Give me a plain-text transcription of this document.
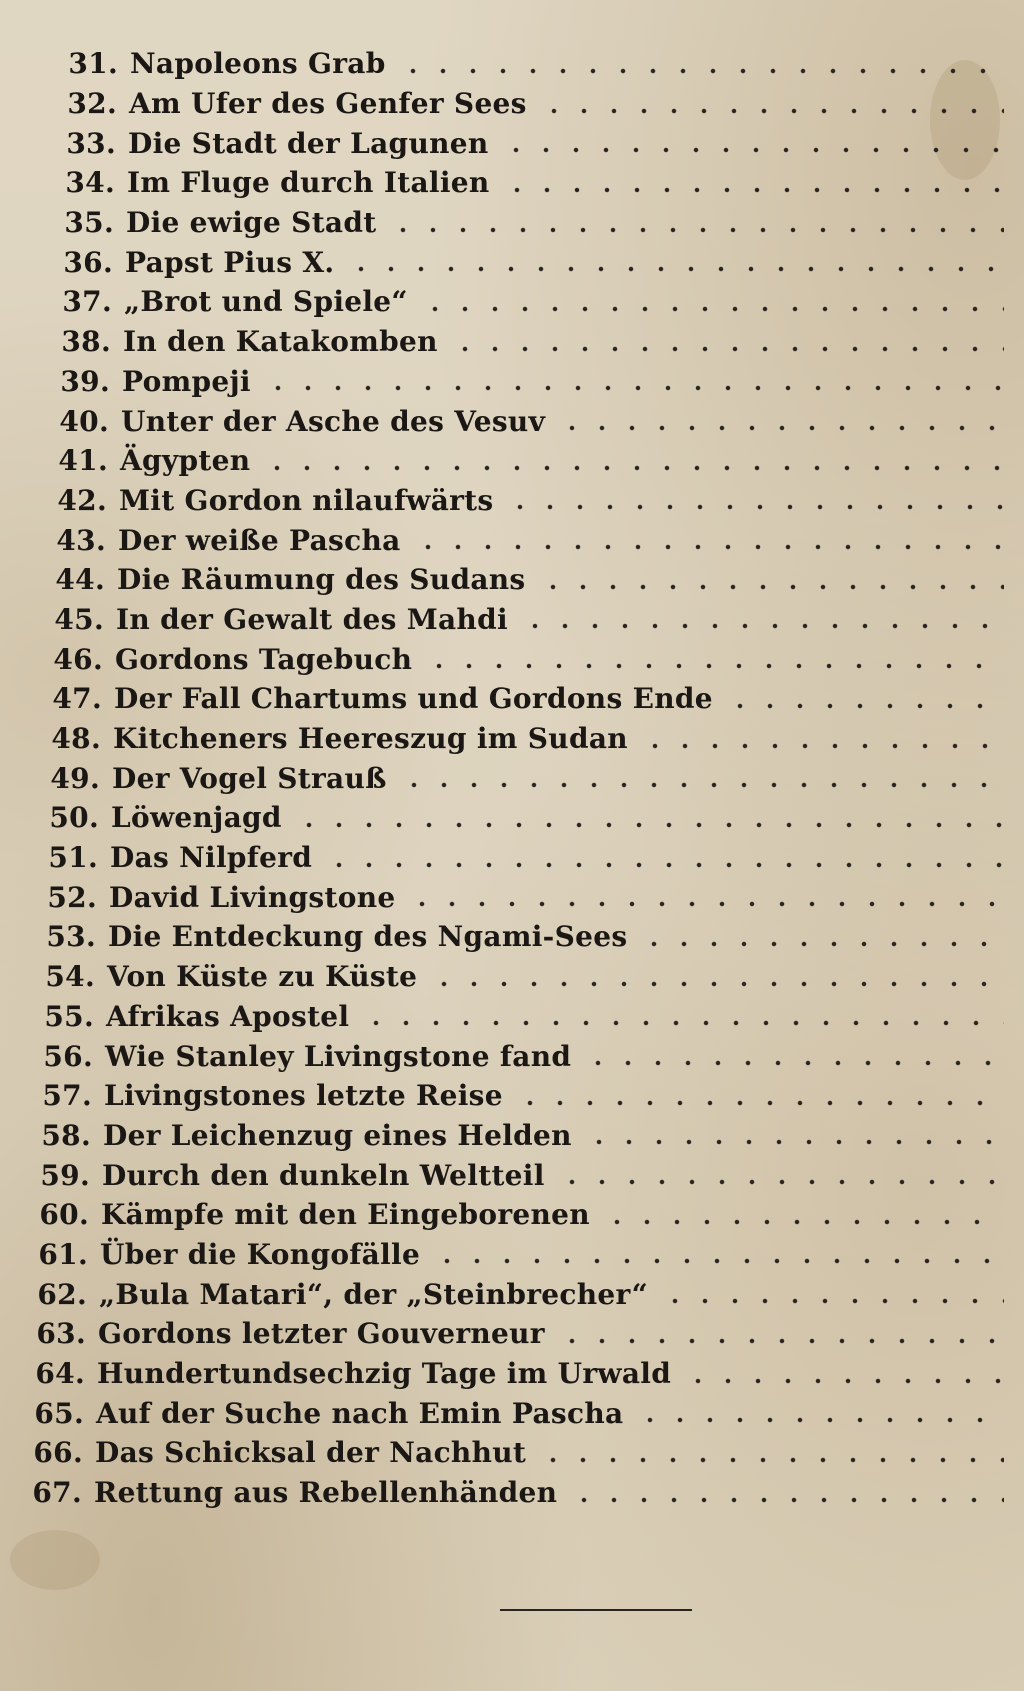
31. Napoleons Grab
32. Am Ufer des Genfer Sees
33. Die Stadt der Lagunen
34. Im Fluge durch Italien
35. Die ewige Stadt
36. Papst Pius X.
37. „Brot und Spiele“
38. In den Katakomben
39. Pompeji
40. Unter der Asche des Vesuv
41. Ägypten
42. Mit Gordon nilaufwärts
43. Der weiße Pascha
44. Die Räumung des Sudans
45. In der Gewalt des Mahdi
46. Gordons Tagebuch
47. Der Fall Chartums und Gordons Ende
48. Kitcheners Heereszug im Sudan
49. Der Vogel Strauß
50. Löwenjagd
51. Das Nilpferd
52. David Livingstone
53. Die Entdeckung des Ngami-Sees
54. Von Küste zu Küste
55. Afrikas Apostel
56. Wie Stanley Livingstone fand
57. Livingstones letzte Reise
58. Der Leichenzug eines Helden
59. Durch den dunkeln Weltteil
60. Kämpfe mit den Eingeborenen
61. Über die Kongofälle
62. „Bula Matari“, der „Steinbrecher“
63. Gordons letzter Gouverneur
64. Hundertundsechzig Tage im Urwald
65. Auf der Suche nach Emin Pascha
66. Das Schicksal der Nachhut
67. Rettung aus Rebellenhänden
